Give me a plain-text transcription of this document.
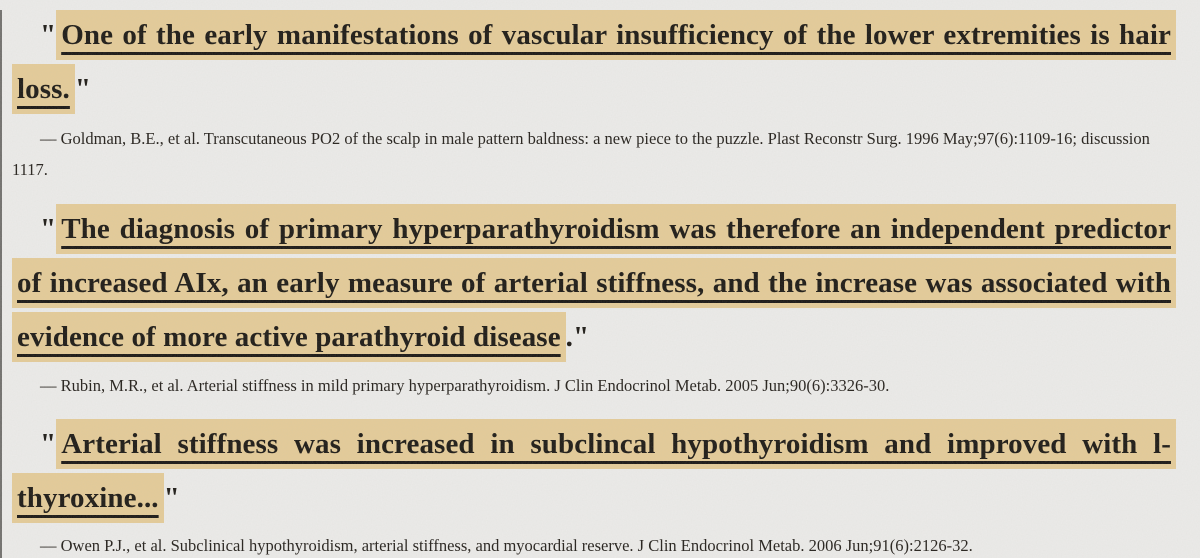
" One of the early manifestations of vascular insufficiency of the lower extremities is hair loss. "

— Goldman, B.E., et al. Transcutaneous PO2 of the scalp in male pattern baldness: a new piece to the puzzle. Plast Reconstr Surg. 1996 May;97(6):1109-16; discussion 1117.

" The diagnosis of primary hyperparathyroidism was therefore an independent predictor of increased AIx, an early measure of arterial stiffness, and the increase was associated with evidence of more active parathyroid disease ."

— Rubin, M.R., et al. Arterial stiffness in mild primary hyperparathyroidism. J Clin Endocrinol Metab. 2005 Jun;90(6):3326-30.

" Arterial stiffness was increased in subclincal hypothyroidism and improved with l-thyroxine... "

— Owen P.J., et al. Subclinical hypothyroidism, arterial stiffness, and myocardial reserve. J Clin Endocrinol Metab. 2006 Jun;91(6):2126-32.
